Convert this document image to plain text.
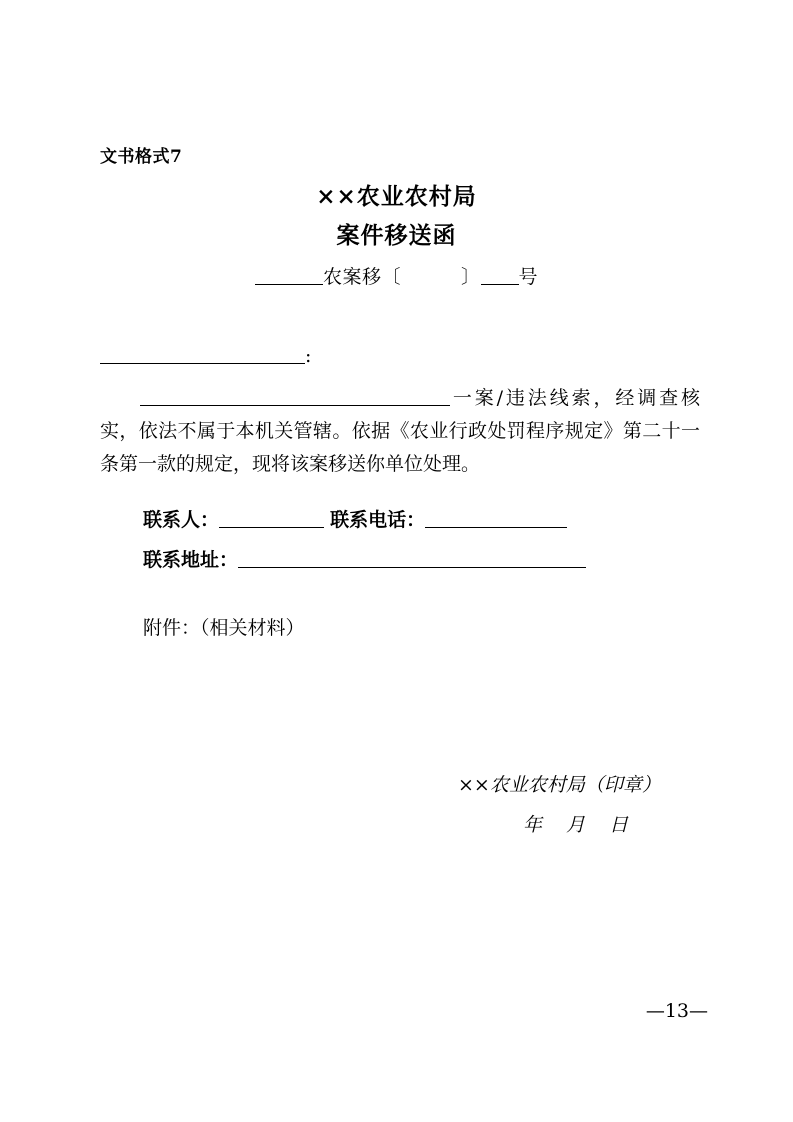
文书格式7
××农业农村局
案件移送函
农案移〔	〕 号
:
一案/违法线索，经调查核实，依法不属于本机关管辖。依据《农业行政处罚程序规定》第二十一条第一款的规定，现将该案移送你单位处理。
联系人：	联系电话：
联系地址：
附件：（相关材料）
××农业农村局（印章）
年 月 日
—13—
